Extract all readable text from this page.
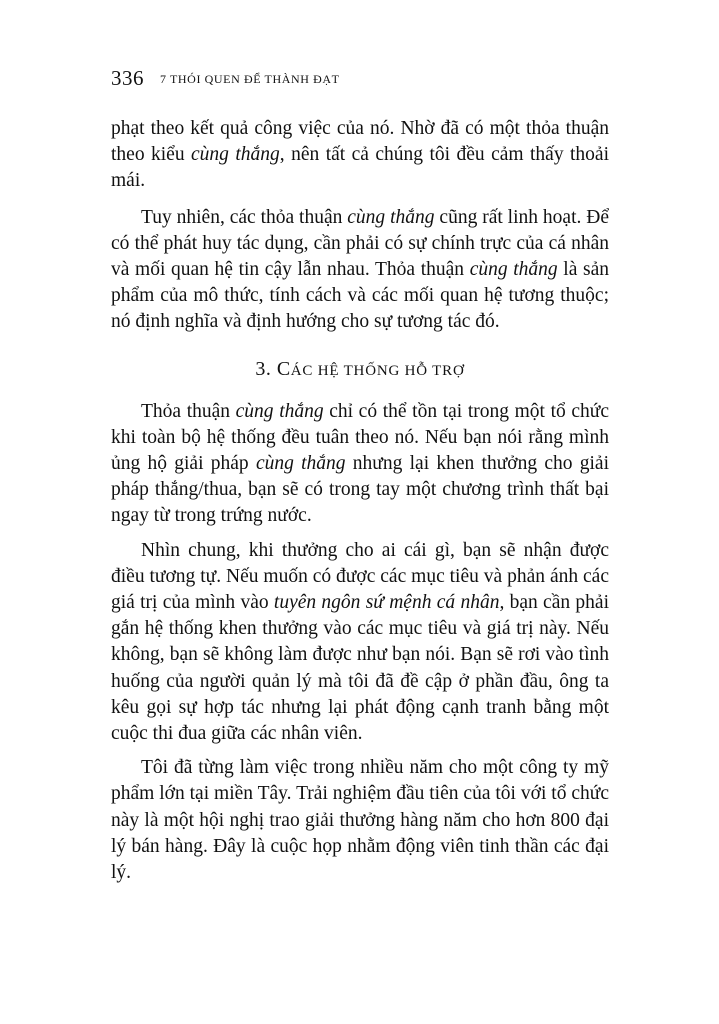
336 7 THÓI QUEN ĐỂ THÀNH ĐẠT

phạt theo kết quả công việc của nó. Nhờ đã có một thỏa thuận theo kiểu cùng thắng, nên tất cả chúng tôi đều cảm thấy thoải mái.

Tuy nhiên, các thỏa thuận cùng thắng cũng rất linh hoạt. Để có thể phát huy tác dụng, cần phải có sự chính trực của cá nhân và mối quan hệ tin cậy lẫn nhau. Thỏa thuận cùng thắng là sản phẩm của mô thức, tính cách và các mối quan hệ tương thuộc; nó định nghĩa và định hướng cho sự tương tác đó.

3. CÁC HỆ THỐNG HỖ TRỢ

Thỏa thuận cùng thắng chỉ có thể tồn tại trong một tổ chức khi toàn bộ hệ thống đều tuân theo nó. Nếu bạn nói rằng mình ủng hộ giải pháp cùng thắng nhưng lại khen thưởng cho giải pháp thắng/thua, bạn sẽ có trong tay một chương trình thất bại ngay từ trong trứng nước.

Nhìn chung, khi thưởng cho ai cái gì, bạn sẽ nhận được điều tương tự. Nếu muốn có được các mục tiêu và phản ánh các giá trị của mình vào tuyên ngôn sứ mệnh cá nhân, bạn cần phải gắn hệ thống khen thưởng vào các mục tiêu và giá trị này. Nếu không, bạn sẽ không làm được như bạn nói. Bạn sẽ rơi vào tình huống của người quản lý mà tôi đã đề cập ở phần đầu, ông ta kêu gọi sự hợp tác nhưng lại phát động cạnh tranh bằng một cuộc thi đua giữa các nhân viên.

Tôi đã từng làm việc trong nhiều năm cho một công ty mỹ phẩm lớn tại miền Tây. Trải nghiệm đầu tiên của tôi với tổ chức này là một hội nghị trao giải thưởng hàng năm cho hơn 800 đại lý bán hàng. Đây là cuộc họp nhằm động viên tinh thần các đại lý.
